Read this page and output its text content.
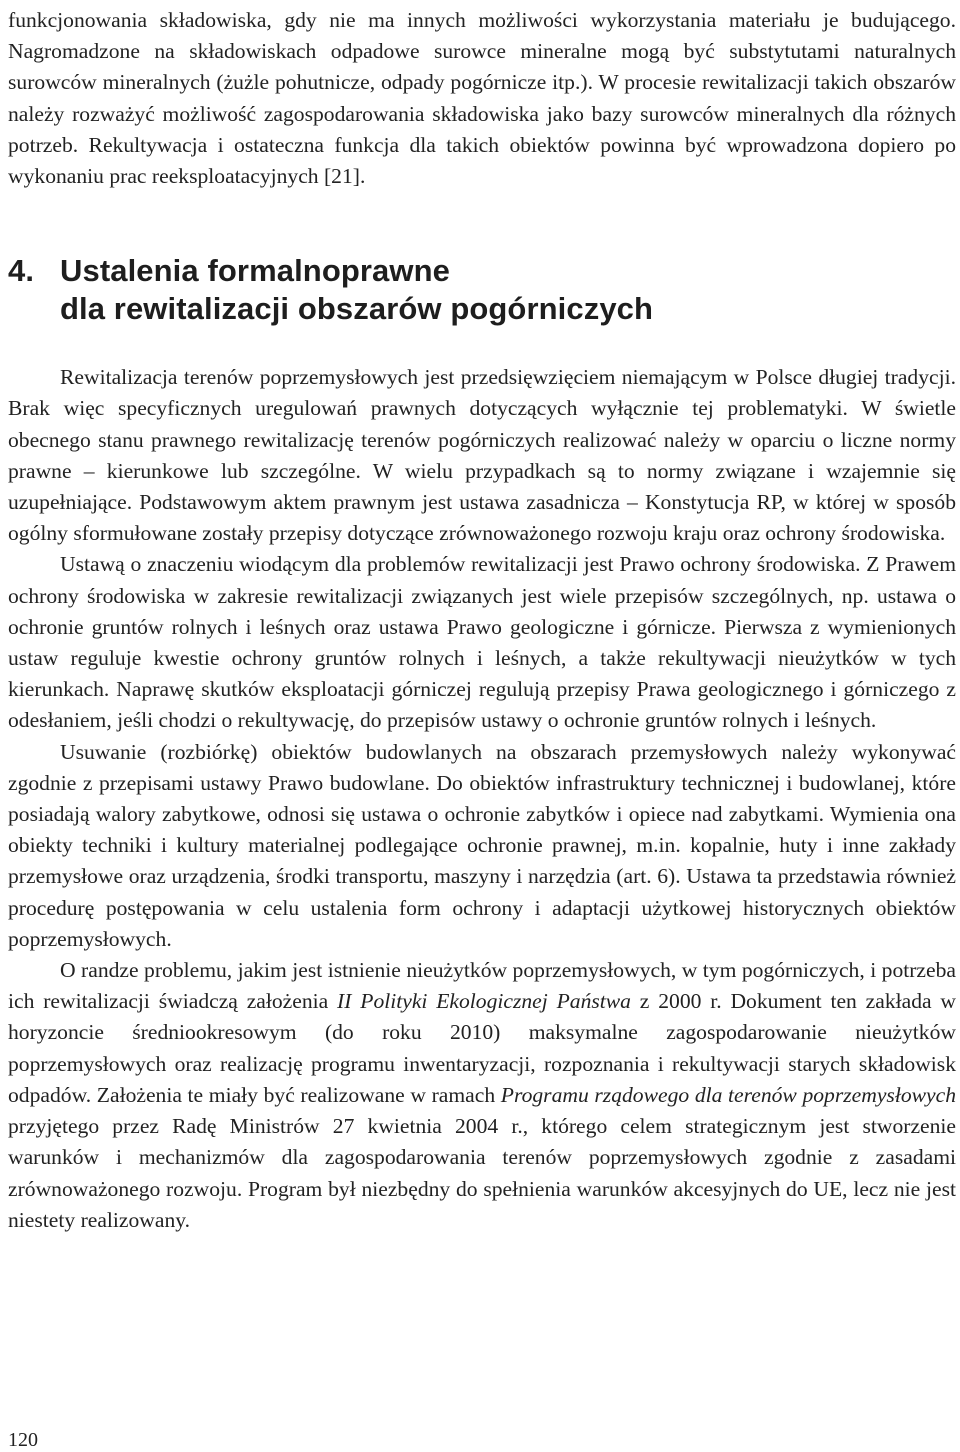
funkcjonowania składowiska, gdy nie ma innych możliwości wykorzystania materiału je budującego. Nagromadzone na składowiskach odpadowe surowce mineralne mogą być substytutami naturalnych surowców mineralnych (żużle pohutnicze, odpady pogórnicze itp.). W procesie rewitalizacji takich obszarów należy rozważyć możliwość zagospodarowania składowiska jako bazy surowców mineralnych dla różnych potrzeb. Rekultywacja i ostateczna funkcja dla takich obiektów powinna być wprowadzona dopiero po wykonaniu prac reeksploatacyjnych [21].

4. Ustalenia formalnoprawne
dla rewitalizacji obszarów pogórniczych

Rewitalizacja terenów poprzemysłowych jest przedsięwzięciem niemającym w Polsce długiej tradycji. Brak więc specyficznych uregulowań prawnych dotyczących wyłącznie tej problematyki. W świetle obecnego stanu prawnego rewitalizację terenów pogórniczych realizować należy w oparciu o liczne normy prawne – kierunkowe lub szczególne. W wielu przypadkach są to normy związane i wzajemnie się uzupełniające. Podstawowym aktem prawnym jest ustawa zasadnicza – Konstytucja RP, w której w sposób ogólny sformułowane zostały przepisy dotyczące zrównoważonego rozwoju kraju oraz ochrony środowiska.

Ustawą o znaczeniu wiodącym dla problemów rewitalizacji jest Prawo ochrony środowiska. Z Prawem ochrony środowiska w zakresie rewitalizacji związanych jest wiele przepisów szczególnych, np. ustawa o ochronie gruntów rolnych i leśnych oraz ustawa Prawo geologiczne i górnicze. Pierwsza z wymienionych ustaw reguluje kwestie ochrony gruntów rolnych i leśnych, a także rekultywacji nieużytków w tych kierunkach. Naprawę skutków eksploatacji górniczej regulują przepisy Prawa geologicznego i górniczego z odesłaniem, jeśli chodzi o rekultywację, do przepisów ustawy o ochronie gruntów rolnych i leśnych.

Usuwanie (rozbiórkę) obiektów budowlanych na obszarach przemysłowych należy wykonywać zgodnie z przepisami ustawy Prawo budowlane. Do obiektów infrastruktury technicznej i budowlanej, które posiadają walory zabytkowe, odnosi się ustawa o ochronie zabytków i opiece nad zabytkami. Wymienia ona obiekty techniki i kultury materialnej podlegające ochronie prawnej, m.in. kopalnie, huty i inne zakłady przemysłowe oraz urządzenia, środki transportu, maszyny i narzędzia (art. 6). Ustawa ta przedstawia również procedurę postępowania w celu ustalenia form ochrony i adaptacji użytkowej historycznych obiektów poprzemysłowych.

O randze problemu, jakim jest istnienie nieużytków poprzemysłowych, w tym pogórniczych, i potrzeba ich rewitalizacji świadczą założenia II Polityki Ekologicznej Państwa z 2000 r. Dokument ten zakłada w horyzoncie średniookresowym (do roku 2010) maksymalne zagospodarowanie nieużytków poprzemysłowych oraz realizację programu inwentaryzacji, rozpoznania i rekultywacji starych składowisk odpadów. Założenia te miały być realizowane w ramach Programu rządowego dla terenów poprzemysłowych przyjętego przez Radę Ministrów 27 kwietnia 2004 r., którego celem strategicznym jest stworzenie warunków i mechanizmów dla zagospodarowania terenów poprzemysłowych zgodnie z zasadami zrównoważonego rozwoju. Program był niezbędny do spełnienia warunków akcesyjnych do UE, lecz nie jest niestety realizowany.

120
